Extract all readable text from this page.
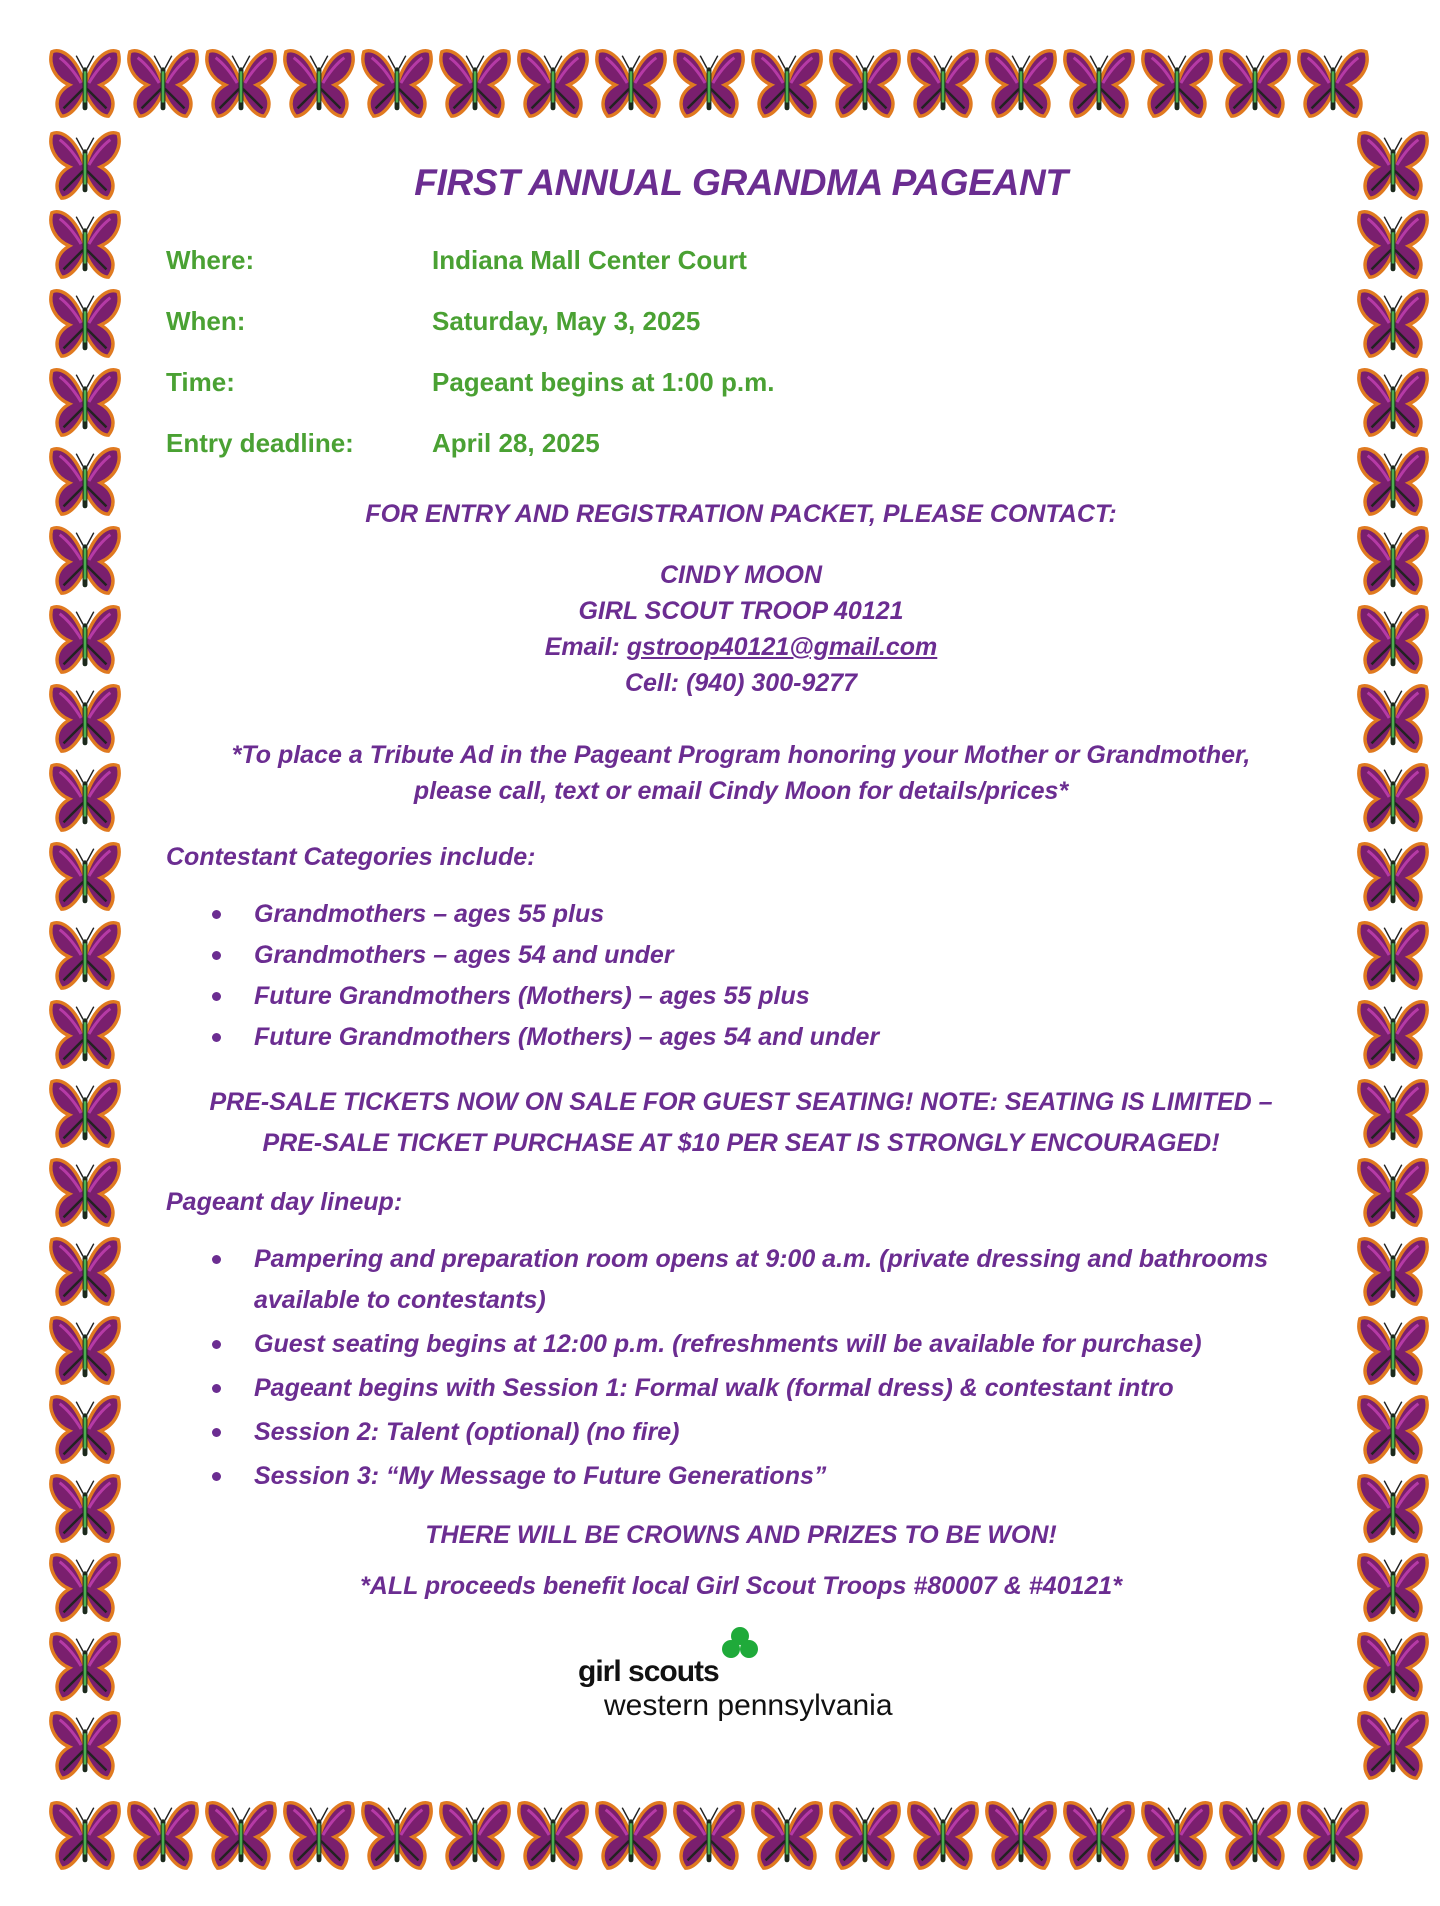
FIRST ANNUAL GRANDMA PAGEANT
Where:	Indiana Mall Center Court
When:	Saturday, May 3, 2025
Time:	Pageant begins at 1:00 p.m.
Entry deadline:	April 28, 2025
FOR ENTRY AND REGISTRATION PACKET, PLEASE CONTACT:
CINDY MOON
GIRL SCOUT TROOP 40121
Email: gstroop40121@gmail.com
Cell: (940) 300-9277
*To place a Tribute Ad in the Pageant Program honoring your Mother or Grandmother,
please call, text or email Cindy Moon for details/prices*
Contestant Categories include:
Grandmothers – ages 55 plus
Grandmothers – ages 54 and under
Future Grandmothers (Mothers) – ages 55 plus
Future Grandmothers (Mothers) – ages 54 and under
PRE-SALE TICKETS NOW ON SALE FOR GUEST SEATING! NOTE: SEATING IS LIMITED –
PRE-SALE TICKET PURCHASE AT $10 PER SEAT IS STRONGLY ENCOURAGED!
Pageant day lineup:
Pampering and preparation room opens at 9:00 a.m. (private dressing and bathrooms available to contestants)
Guest seating begins at 12:00 p.m. (refreshments will be available for purchase)
Pageant begins with Session 1: Formal walk (formal dress) & contestant intro
Session 2: Talent (optional) (no fire)
Session 3: “My Message to Future Generations”
THERE WILL BE CROWNS AND PRIZES TO BE WON!
*ALL proceeds benefit local Girl Scout Troops #80007 & #40121*
girl scouts
western pennsylvania
